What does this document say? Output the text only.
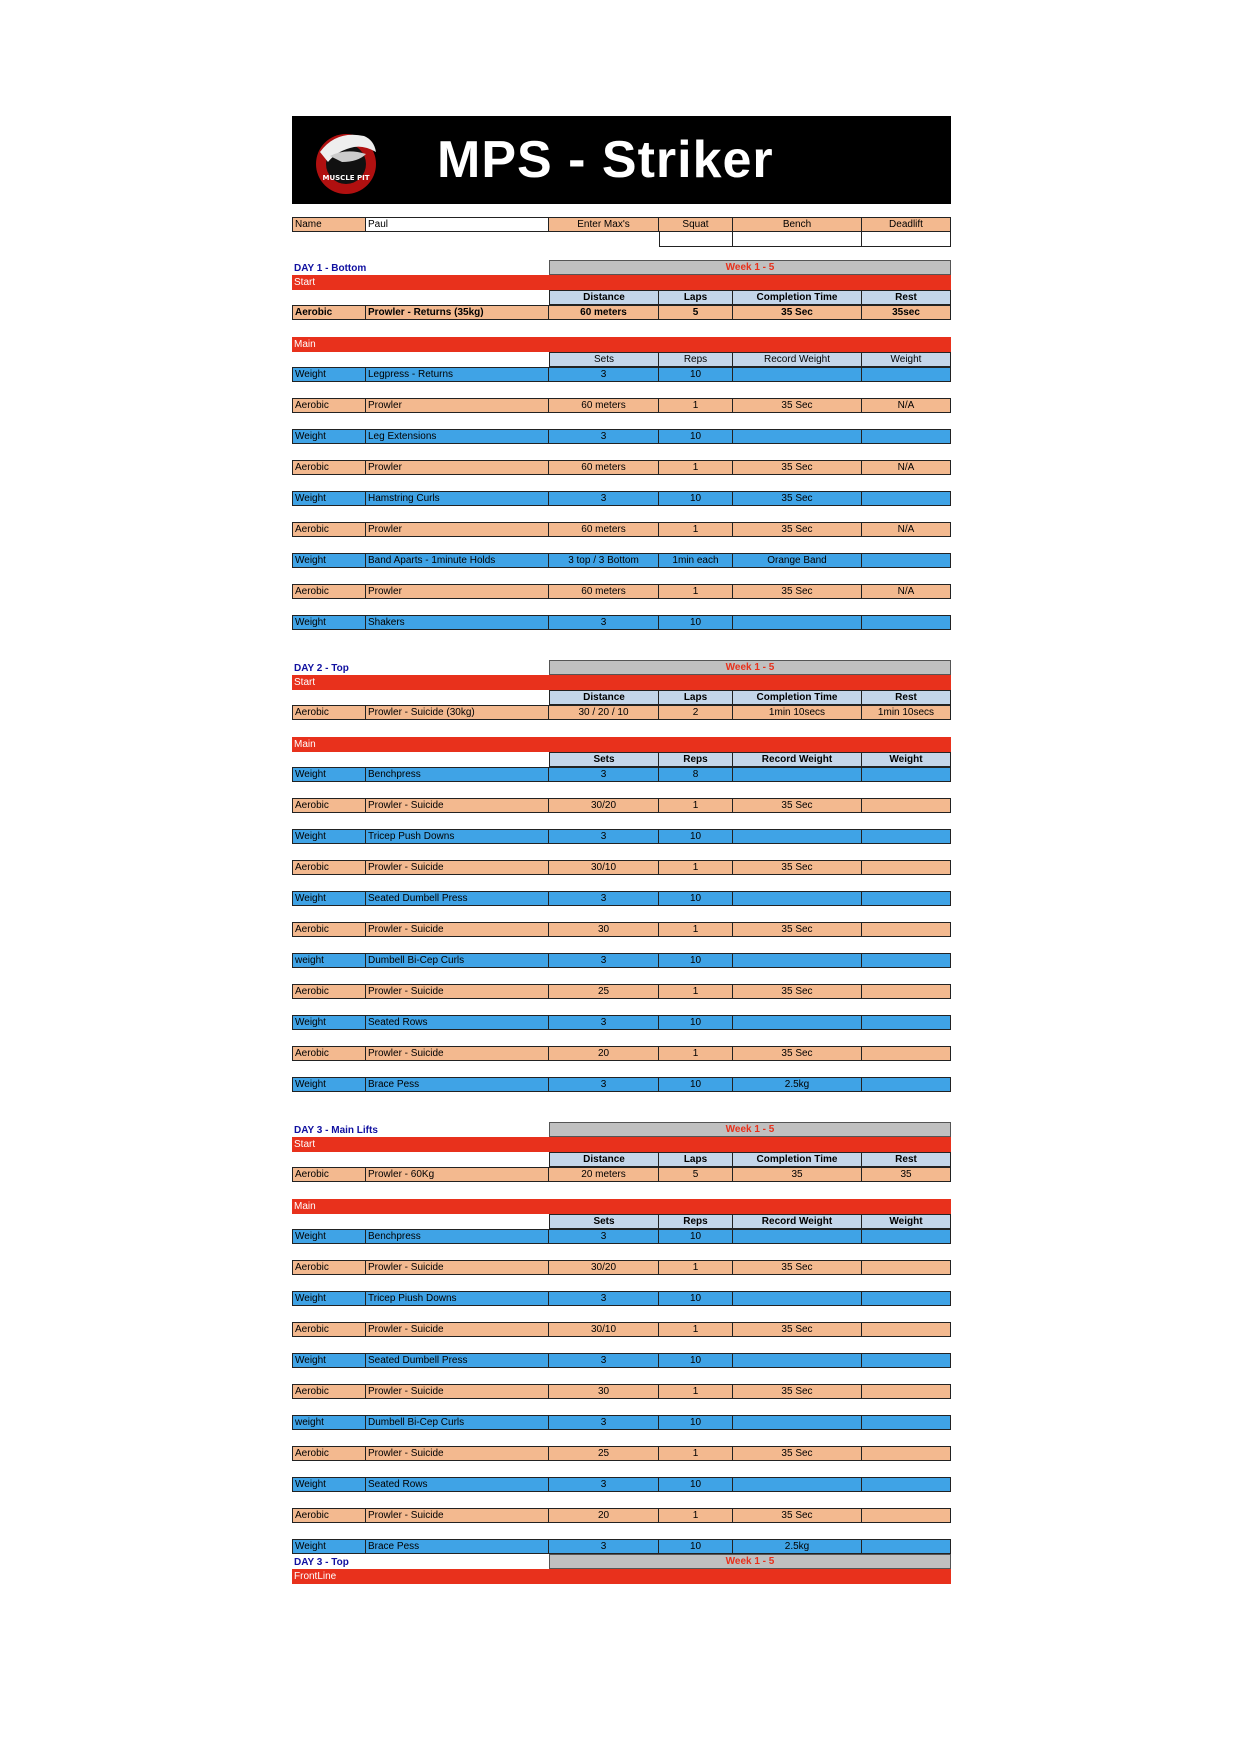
MUSCLE PIT MPS - Striker
Name	Paul	Enter Max's	Squat	Bench	Deadlift
DAY 1 - Bottom	Week 1 - 5
Start
Distance	Laps	Completion Time	Rest
Aerobic	Prowler - Returns (35kg)	60 meters	5	35 Sec	35sec
Main
Sets	Reps	Record Weight	Weight
Weight	Legpress - Returns	3	10
Aerobic	Prowler	60 meters	1	35 Sec	N/A
Weight	Leg Extensions	3	10
Aerobic	Prowler	60 meters	1	35 Sec	N/A
Weight	Hamstring Curls	3	10	35 Sec
Aerobic	Prowler	60 meters	1	35 Sec	N/A
Weight	Band Aparts - 1minute Holds	3 top / 3 Bottom	1min each	Orange Band
Aerobic	Prowler	60 meters	1	35 Sec	N/A
Weight	Shakers	3	10
DAY 2 - Top	Week 1 - 5
Start
Distance	Laps	Completion Time	Rest
Aerobic	Prowler - Suicide (30kg)	30 / 20 / 10	2	1min 10secs	1min 10secs
Main
Sets	Reps	Record Weight	Weight
Weight	Benchpress	3	8
Aerobic	Prowler - Suicide	30/20	1	35 Sec
Weight	Tricep Push Downs	3	10
Aerobic	Prowler - Suicide	30/10	1	35 Sec
Weight	Seated Dumbell Press	3	10
Aerobic	Prowler - Suicide	30	1	35 Sec
weight	Dumbell Bi-Cep Curls	3	10
Aerobic	Prowler - Suicide	25	1	35 Sec
Weight	Seated Rows	3	10
Aerobic	Prowler - Suicide	20	1	35 Sec
Weight	Brace Pess	3	10	2.5kg
DAY 3 - Main Lifts	Week 1 - 5
Start
Distance	Laps	Completion Time	Rest
Aerobic	Prowler - 60Kg	20 meters	5	35	35
Main
Sets	Reps	Record Weight	Weight
Weight	Benchpress	3	10
Aerobic	Prowler - Suicide	30/20	1	35 Sec
Weight	Tricep Piush Downs	3	10
Aerobic	Prowler - Suicide	30/10	1	35 Sec
Weight	Seated Dumbell Press	3	10
Aerobic	Prowler - Suicide	30	1	35 Sec
weight	Dumbell Bi-Cep Curls	3	10
Aerobic	Prowler - Suicide	25	1	35 Sec
Weight	Seated Rows	3	10
Aerobic	Prowler - Suicide	20	1	35 Sec
Weight	Brace Pess	3	10	2.5kg
DAY 3 - Top	Week 1 - 5
FrontLine
